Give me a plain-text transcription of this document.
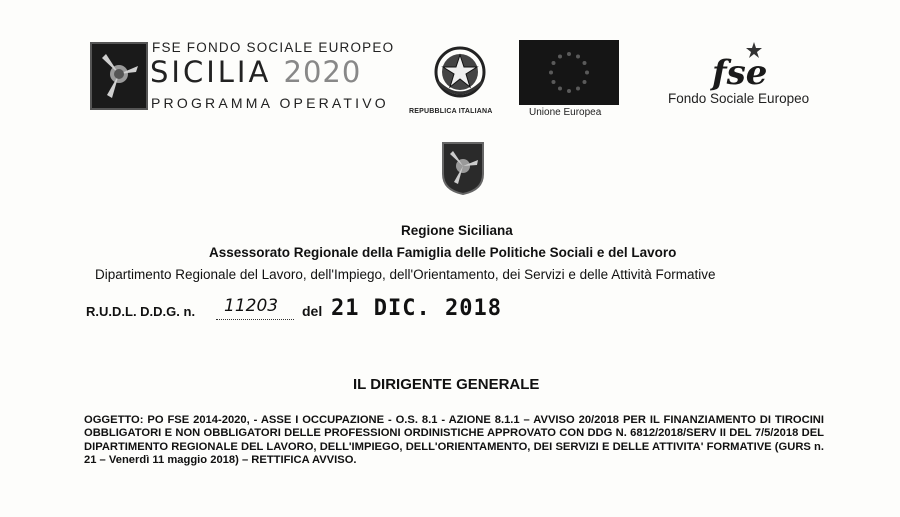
FSE FONDO SOCIALE EUROPEO
SICILIA 2020
PROGRAMMA OPERATIVO
REPUBBLICA ITALIANA	Unione Europea
fse
Fondo Sociale Europeo
Regione Siciliana
Assessorato Regionale della Famiglia delle Politiche Sociali e del Lavoro
Dipartimento Regionale del Lavoro, dell'Impiego, dell'Orientamento, dei Servizi e delle Attività Formative
R.U.D.L. D.D.G. n. 11203 del 21 DIC. 2018
IL DIRIGENTE GENERALE
OGGETTO: PO FSE 2014-2020, - ASSE I OCCUPAZIONE - O.S. 8.1 - AZIONE 8.1.1 – AVVISO 20/2018 PER IL FINANZIAMENTO DI TIROCINI OBBLIGATORI E NON OBBLIGATORI DELLE PROFESSIONI ORDINISTICHE APPROVATO CON DDG N. 6812/2018/SERV II DEL 7/5/2018 DEL DIPARTIMENTO REGIONALE DEL LAVORO, DELL'IMPIEGO, DELL'ORIENTAMENTO, DEI SERVIZI E DELLE ATTIVITA' FORMATIVE (GURS n. 21 – Venerdì 11 maggio 2018) – RETTIFICA AVVISO.
